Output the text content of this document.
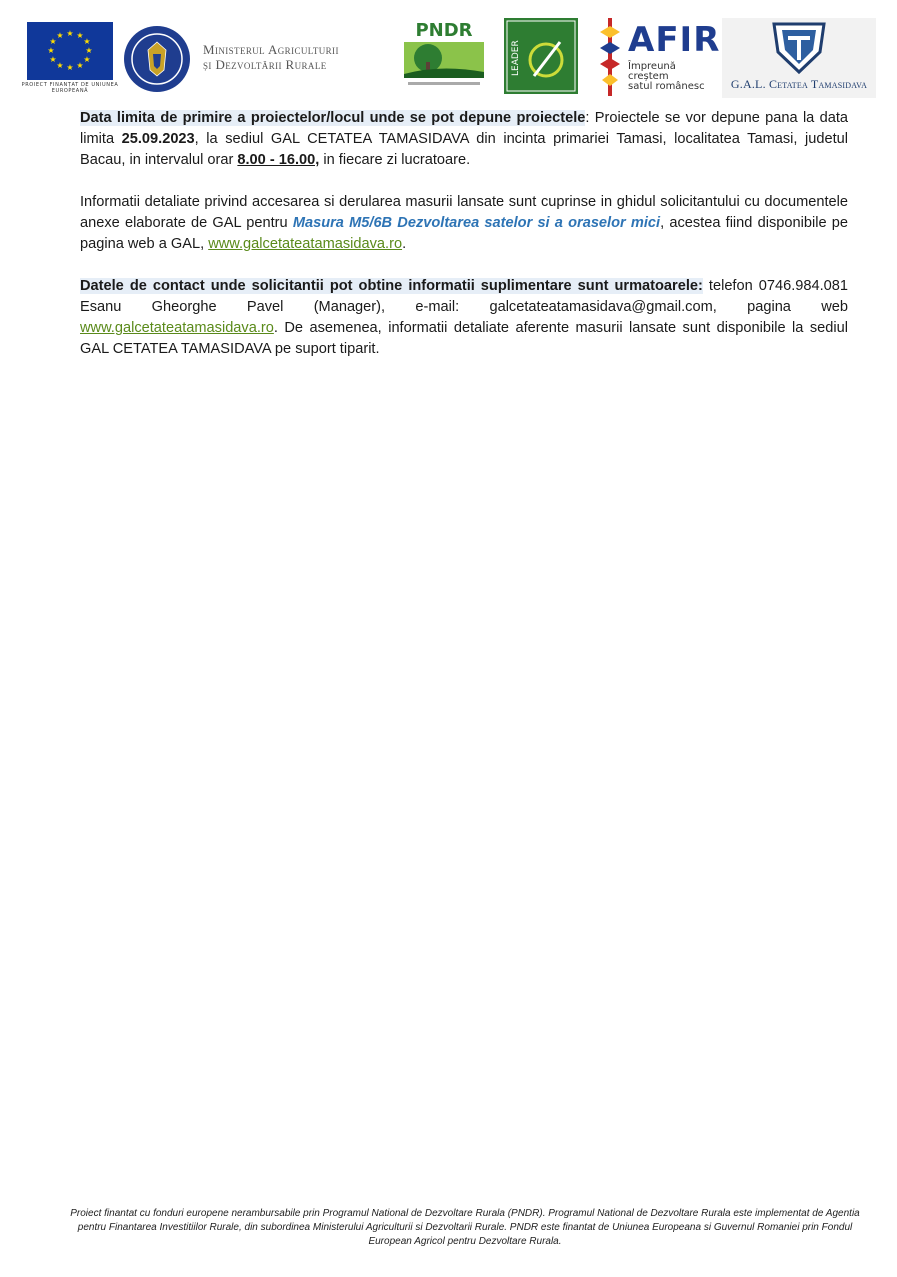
★ ★
★
★
★
★
★
★
★
★
★
★
PROIECT FINANȚAT DE UNIUNEA EUROPEANĂ
Ministerul Agriculturii
și Dezvoltării Rurale
PNDR
LEADER	AFIR
Împreună creștem
satul românesc	G.A.L. Cetatea Tamasidava

Data limita de primire a proiectelor/locul unde se pot depune proiectele: Proiectele se vor depune pana la data limita 25.09.2023, la sediul GAL CETATEA TAMASIDAVA din incinta primariei Tamasi, localitatea Tamasi, judetul Bacau, in intervalul orar 8.00 - 16.00, in fiecare zi lucratoare.

Informatii detaliate privind accesarea si derularea masurii lansate sunt cuprinse in ghidul solicitantului cu documentele anexe elaborate de GAL pentru Masura M5/6B Dezvoltarea satelor si a oraselor mici, acestea fiind disponibile pe pagina web a GAL, www.galcetateatamasidava.ro.

Datele de contact unde solicitantii pot obtine informatii suplimentare sunt urmatoarele: telefon 0746.984.081 Esanu Gheorghe Pavel (Manager), e-mail: galcetateatamasidava@gmail.com, pagina web www.galcetateatamasidava.ro. De asemenea, informatii detaliate aferente masurii lansate sunt disponibile la sediul GAL CETATEA TAMASIDAVA pe suport tiparit.

Proiect finantat cu fonduri europene nerambursabile prin Programul National de Dezvoltare Rurala (PNDR). Programul National de Dezvoltare Rurala este implementat de Agentia pentru Finantarea Investitiilor Rurale, din subordinea Ministerului Agriculturii si Dezvoltarii Rurale. PNDR este finantat de Uniunea Europeana si Guvernul Romaniei prin Fondul European Agricol pentru Dezvoltare Rurala.
